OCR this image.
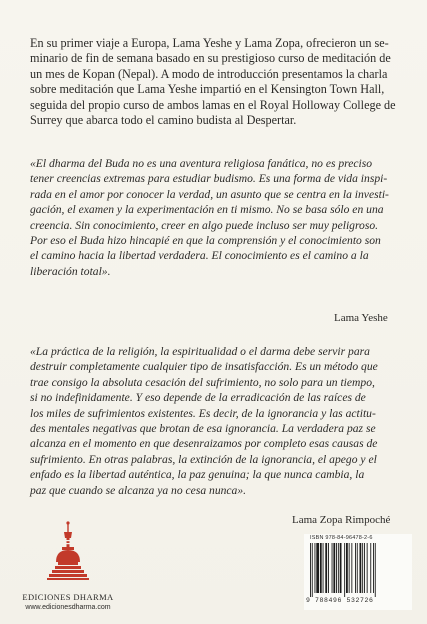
En su primer viaje a Europa, Lama Yeshe y Lama Zopa, ofrecieron un se-
minario de fin de semana basado en su prestigioso curso de meditación de
un mes de Kopan (Nepal). A modo de introducción presentamos la charla
sobre meditación que Lama Yeshe impartió en el Kensington Town Hall,
seguida del propio curso de ambos lamas en el Royal Holloway College de
Surrey que abarca todo el camino budista al Despertar.
«El dharma del Buda no es una aventura religiosa fanática, no es preciso
tener creencias extremas para estudiar budismo. Es una forma de vida inspi-
rada en el amor por conocer la verdad, un asunto que se centra en la investi-
gación, el examen y la experimentación en ti mismo. No se basa sólo en una
creencia. Sin conocimiento, creer en algo puede incluso ser muy peligroso.
Por eso el Buda hizo hincapié en que la comprensión y el conocimiento son
el camino hacia la libertad verdadera. El conocimiento es el camino a la
liberación total».
Lama Yeshe
«La práctica de la religión, la espiritualidad o el darma debe servir para
destruir completamente cualquier tipo de insatisfacción. Es un método que
trae consigo la absoluta cesación del sufrimiento, no solo para un tiempo,
si no indefinidamente. Y eso depende de la erradicación de las raíces de
los miles de sufrimientos existentes. Es decir, de la ignorancia y las actitu-
des mentales negativas que brotan de esa ignorancia. La verdadera paz se
alcanza en el momento en que desenraizamos por completo esas causas de
sufrimiento. En otras palabras, la extinción de la ignorancia, el apego y el
enfado es la libertad auténtica, la paz genuina; la que nunca cambia, la
paz que cuando se alcanza ya no cesa nunca».
Lama Zopa Rimpoché
EDICIONES DHARMA
www.edicionesdharma.com
ISBN 978-84-96478-2-6
9 788496 532726
